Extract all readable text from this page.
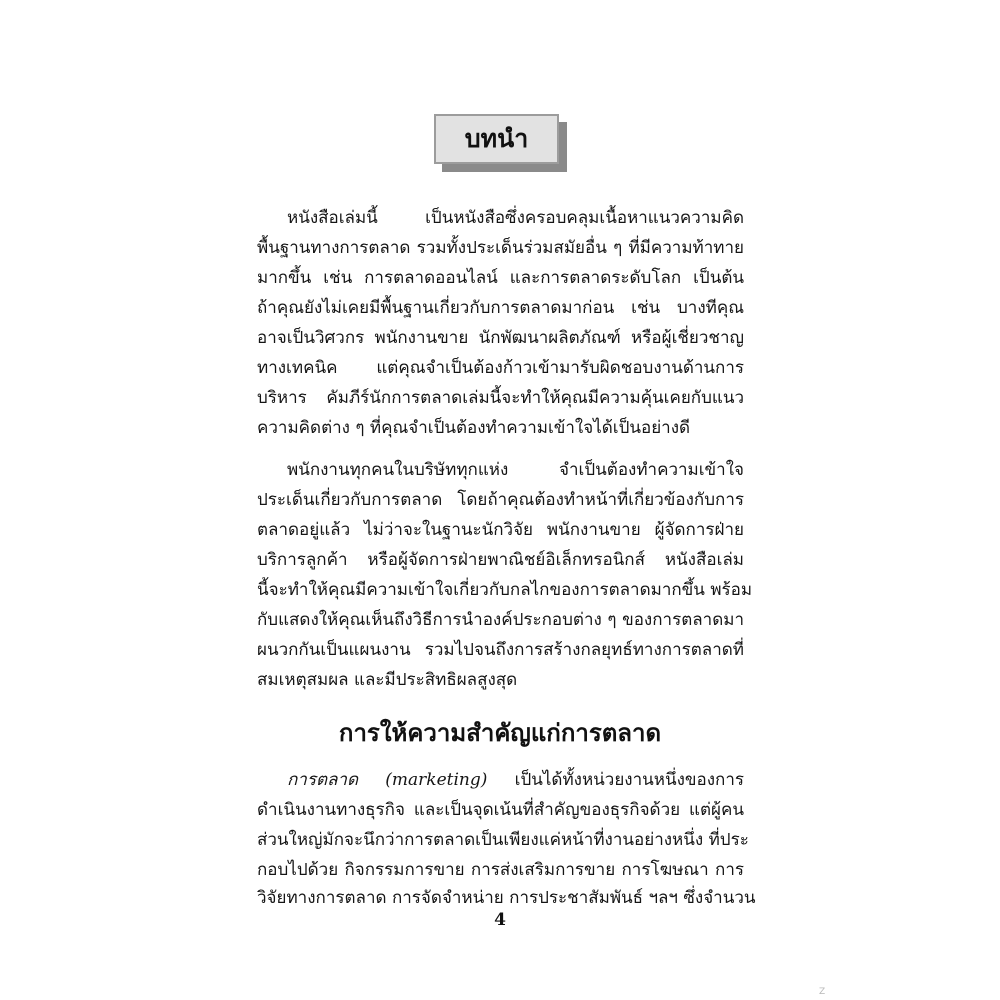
บทนำ
หนังสือเล่มนี้ เป็นหนังสือซึ่งครอบคลุมเนื้อหาแนวความคิด
พื้นฐานทางการตลาด รวมทั้งประเด็นร่วมสมัยอื่น ๆ ที่มีความท้าทาย
มากขึ้น เช่น การตลาดออนไลน์ และการตลาดระดับโลก เป็นต้น
ถ้าคุณยังไม่เคยมีพื้นฐานเกี่ยวกับการตลาดมาก่อน เช่น บางทีคุณ
อาจเป็นวิศวกร พนักงานขาย นักพัฒนาผลิตภัณฑ์ หรือผู้เชี่ยวชาญ
ทางเทคนิค แต่คุณจำเป็นต้องก้าวเข้ามารับผิดชอบงานด้านการ
บริหาร คัมภีร์นักการตลาดเล่มนี้จะทำให้คุณมีความคุ้นเคยกับแนว
ความคิดต่าง ๆ ที่คุณจำเป็นต้องทำความเข้าใจได้เป็นอย่างดี
พนักงานทุกคนในบริษัททุกแห่ง จำเป็นต้องทำความเข้าใจ
ประเด็นเกี่ยวกับการตลาด โดยถ้าคุณต้องทำหน้าที่เกี่ยวข้องกับการ
ตลาดอยู่แล้ว ไม่ว่าจะในฐานะนักวิจัย พนักงานขาย ผู้จัดการฝ่าย
บริการลูกค้า หรือผู้จัดการฝ่ายพาณิชย์อิเล็กทรอนิกส์ หนังสือเล่ม
นี้จะทำให้คุณมีความเข้าใจเกี่ยวกับกลไกของการตลาดมากขึ้น พร้อม
กับแสดงให้คุณเห็นถึงวิธีการนำองค์ประกอบต่าง ๆ ของการตลาดมา
ผนวกกันเป็นแผนงาน รวมไปจนถึงการสร้างกลยุทธ์ทางการตลาดที่
สมเหตุสมผล และมีประสิทธิผลสูงสุด
การให้ความสำคัญแก่การตลาด
การตลาด (marketing) เป็นได้ทั้งหน่วยงานหนึ่งของการ
ดำเนินงานทางธุรกิจ และเป็นจุดเน้นที่สำคัญของธุรกิจด้วย แต่ผู้คน
ส่วนใหญ่มักจะนึกว่าการตลาดเป็นเพียงแค่หน้าที่งานอย่างหนึ่ง ที่ประ
กอบไปด้วย กิจกรรมการขาย การส่งเสริมการขาย การโฆษณา การ
วิจัยทางการตลาด การจัดจำหน่าย การประชาสัมพันธ์ ฯลฯ ซึ่งจำนวน
4
Z
